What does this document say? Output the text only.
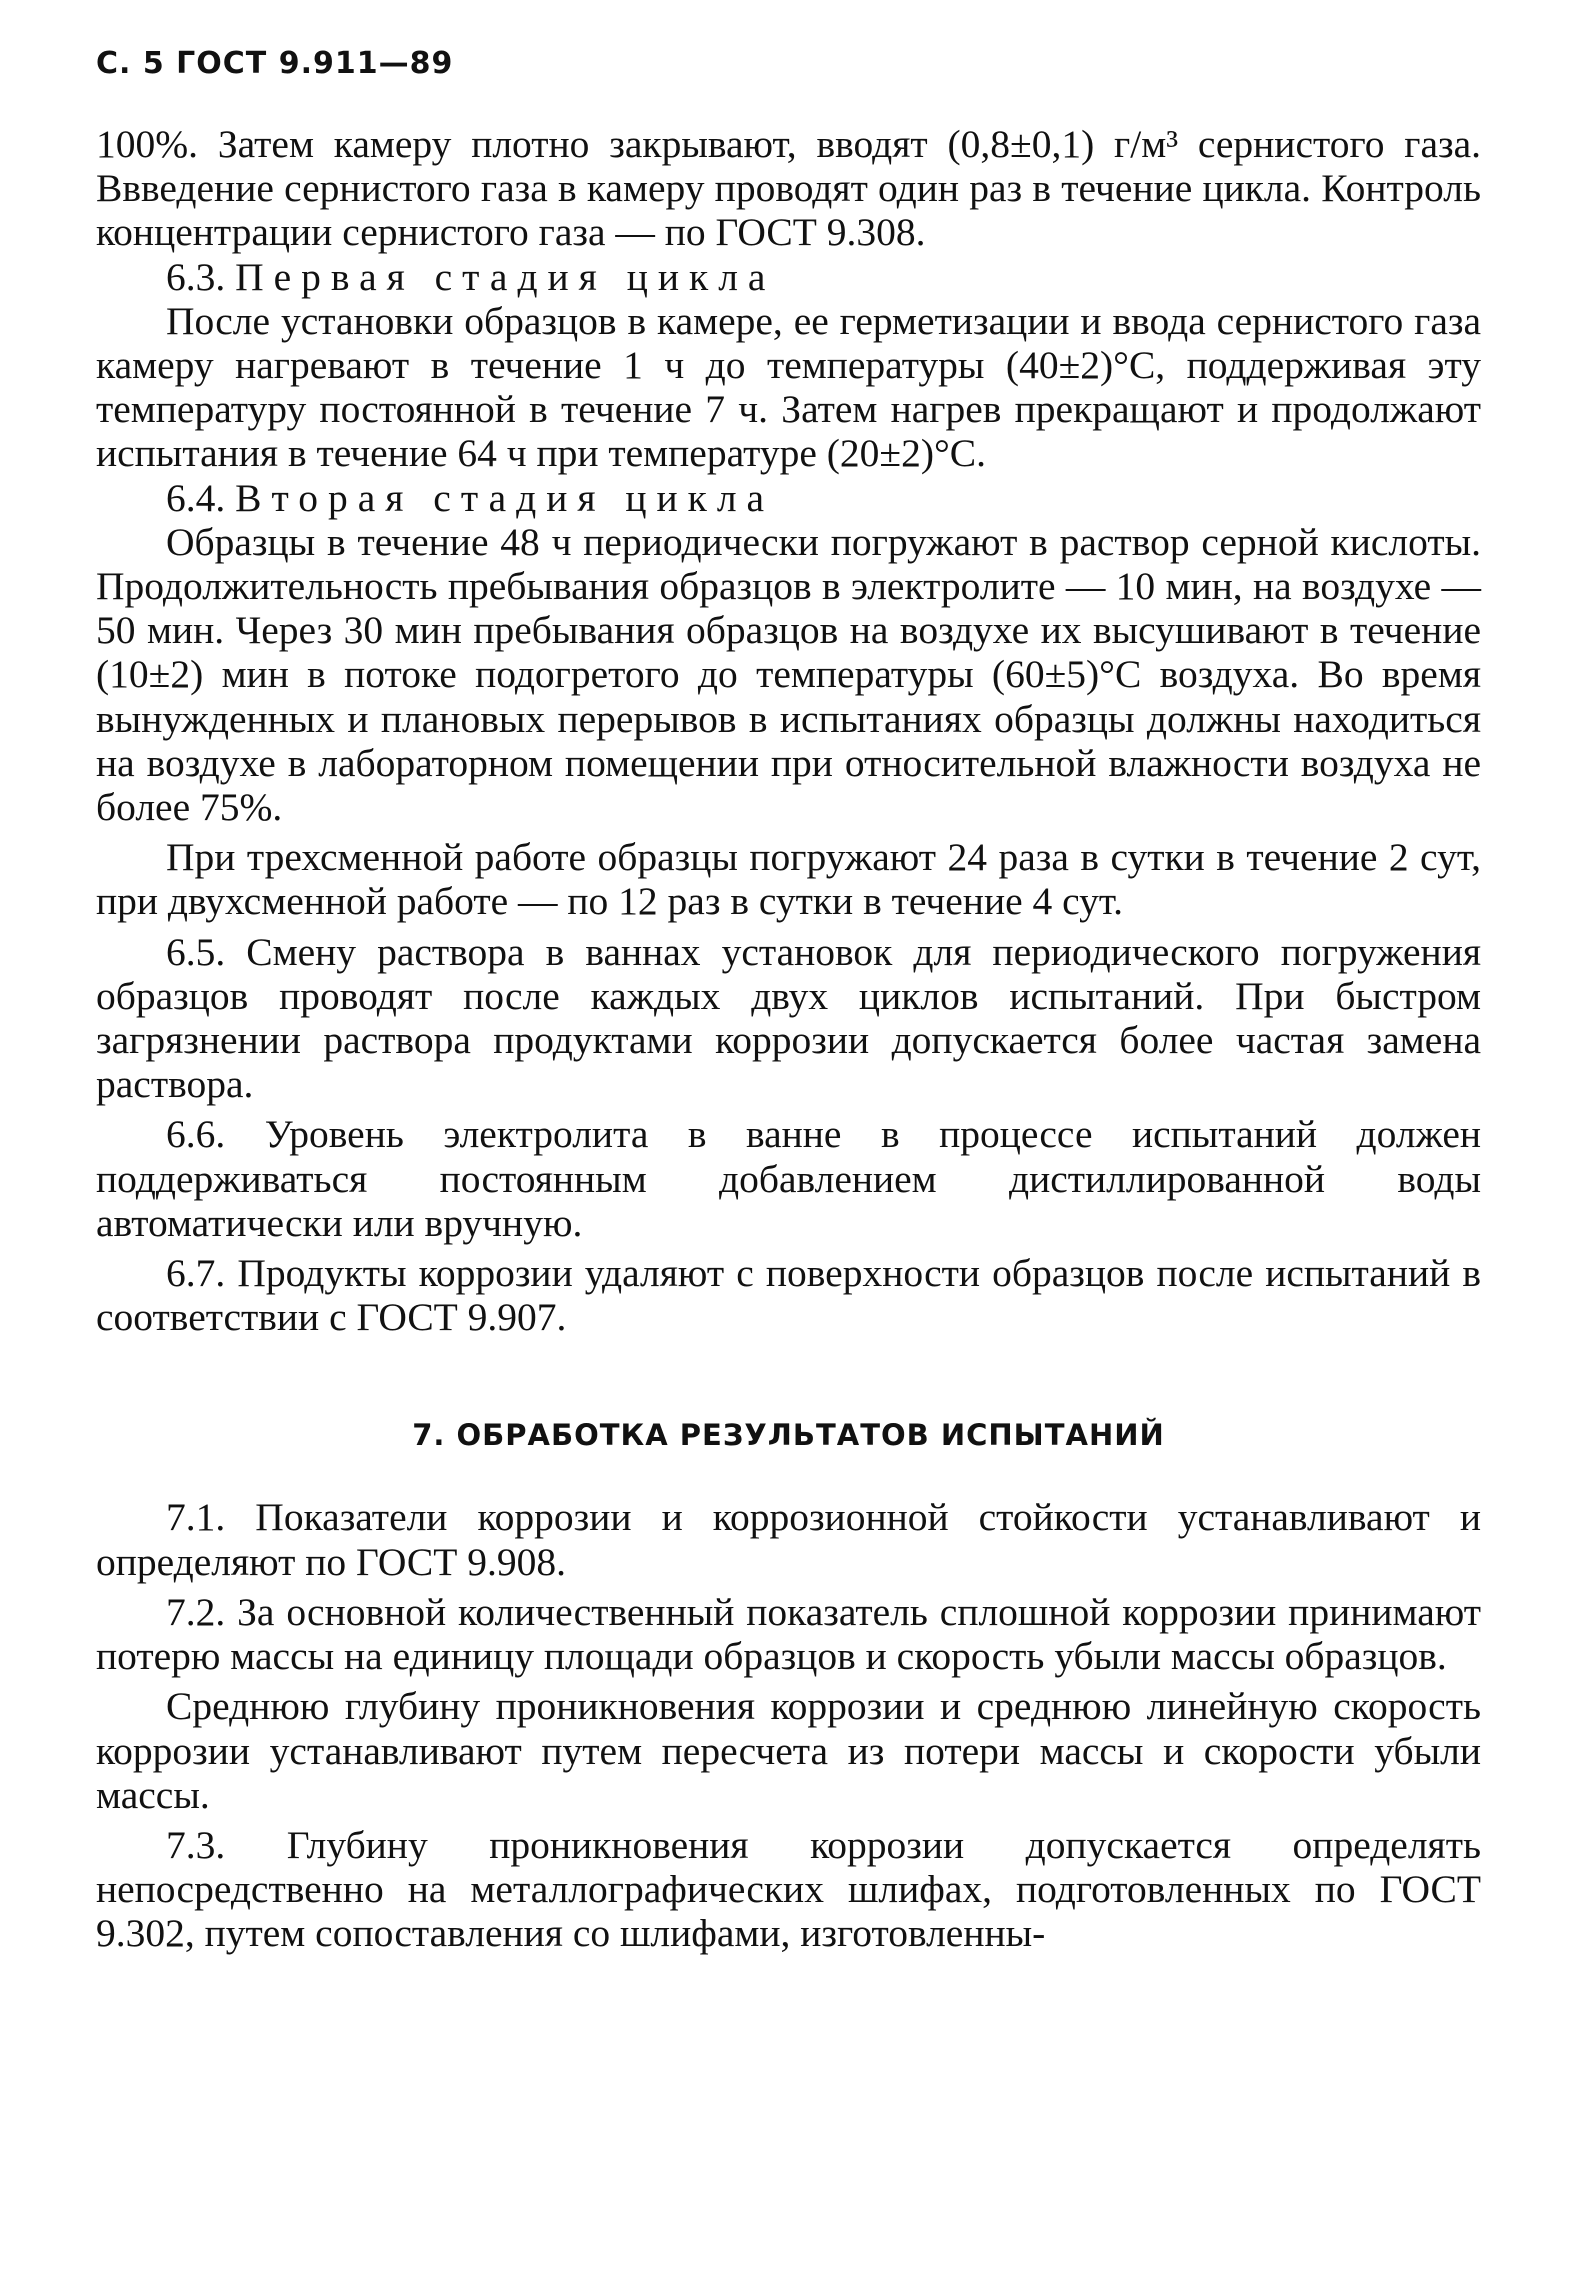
С. 5 ГОСТ 9.911—89

100%. Затем камеру плотно закрывают, вводят (0,8±0,1) г/м³ сернистого газа. Ввведение сернистого газа в камеру проводят один раз в течение цикла. Контроль концентрации сернистого газа — по ГОСТ 9.308.

6.3. Первая стадия цикла

После установки образцов в камере, ее герметизации и ввода сернистого газа камеру нагревают в течение 1 ч до температуры (40±2)°С, поддерживая эту температуру постоянной в течение 7 ч. Затем нагрев прекращают и продолжают испытания в течение 64 ч при температуре (20±2)°С.

6.4. Вторая стадия цикла

Образцы в течение 48 ч периодически погружают в раствор серной кислоты. Продолжительность пребывания образцов в электролите — 10 мин, на воздухе — 50 мин. Через 30 мин пребывания образцов на воздухе их высушивают в течение (10±2) мин в потоке подогретого до температуры (60±5)°С воздуха. Во время вынужденных и плановых перерывов в испытаниях образцы должны находиться на воздухе в лабораторном помещении при относительной влажности воздуха не более 75%.

При трехсменной работе образцы погружают 24 раза в сутки в течение 2 сут, при двухсменной работе — по 12 раз в сутки в течение 4 сут.

6.5. Смену раствора в ваннах установок для периодического погружения образцов проводят после каждых двух циклов испытаний. При быстром загрязнении раствора продуктами коррозии допускается более частая замена раствора.

6.6. Уровень электролита в ванне в процессе испытаний должен поддерживаться постоянным добавлением дистиллированной воды автоматически или вручную.

6.7. Продукты коррозии удаляют с поверхности образцов после испытаний в соответствии с ГОСТ 9.907.

7. ОБРАБОТКА РЕЗУЛЬТАТОВ ИСПЫТАНИЙ

7.1. Показатели коррозии и коррозионной стойкости устанавливают и определяют по ГОСТ 9.908.

7.2. За основной количественный показатель сплошной коррозии принимают потерю массы на единицу площади образцов и скорость убыли массы образцов.

Среднюю глубину проникновения коррозии и среднюю линейную скорость коррозии устанавливают путем пересчета из потери массы и скорости убыли массы.

7.3. Глубину проникновения коррозии допускается определять непосредственно на металлографических шлифах, подготовленных по ГОСТ 9.302, путем сопоставления со шлифами, изготовленны-
